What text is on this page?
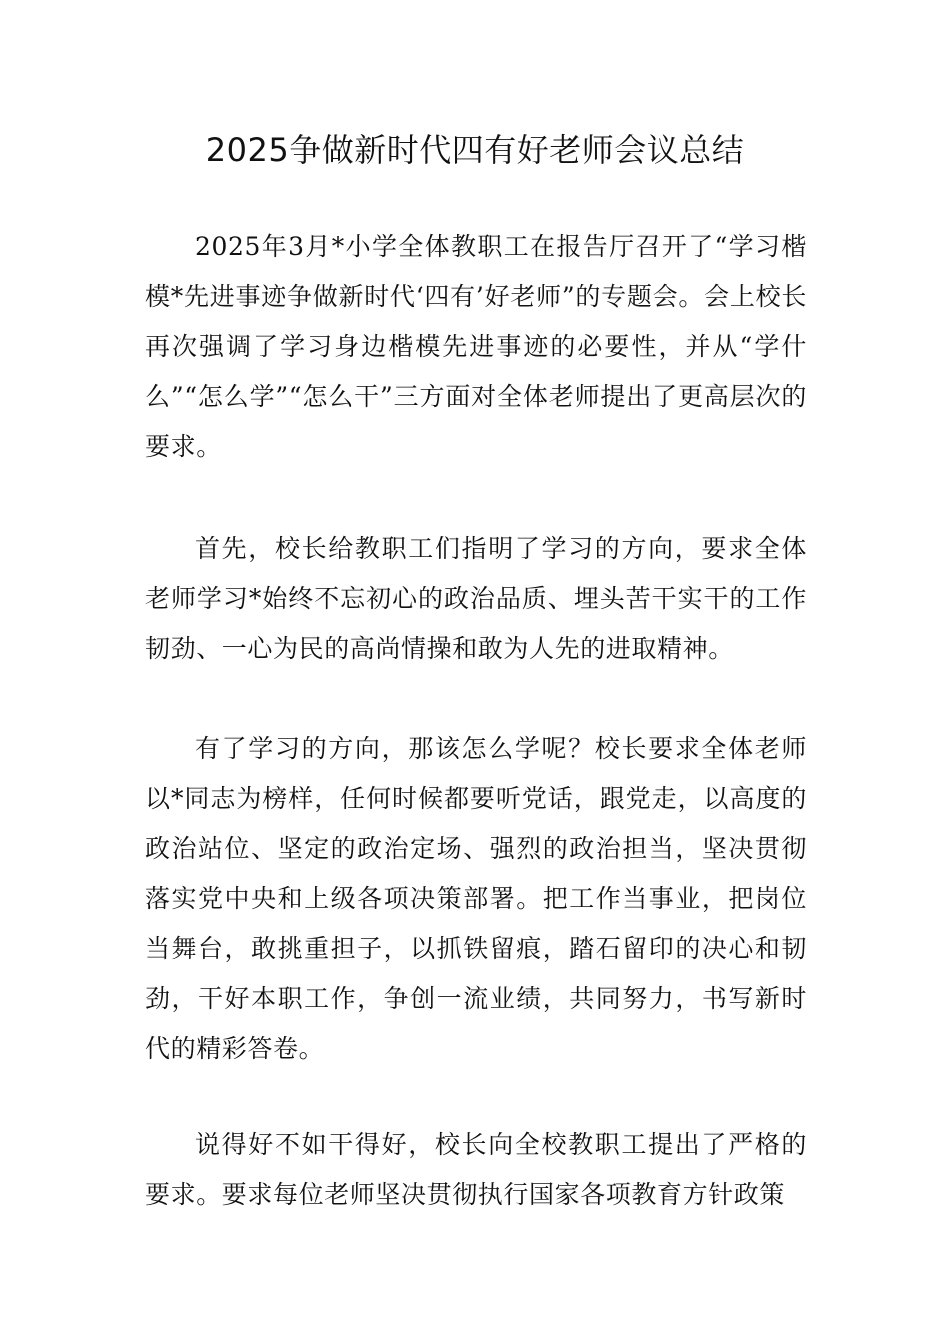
2025争做新时代四有好老师会议总结

2025年3月*小学全体教职工在报告厅召开了“学习楷模*先进事迹争做新时代‘四有’好老师”的专题会。会上校长再次强调了学习身边楷模先进事迹的必要性，并从“学什么”“怎么学”“怎么干”三方面对全体老师提出了更高层次的要求。

首先，校长给教职工们指明了学习的方向，要求全体老师学习*始终不忘初心的政治品质、埋头苦干实干的工作韧劲、一心为民的高尚情操和敢为人先的进取精神。

有了学习的方向，那该怎么学呢？校长要求全体老师以*同志为榜样，任何时候都要听党话，跟党走，以高度的政治站位、坚定的政治定场、强烈的政治担当，坚决贯彻落实党中央和上级各项决策部署。把工作当事业，把岗位当舞台，敢挑重担子，以抓铁留痕，踏石留印的决心和韧劲，干好本职工作，争创一流业绩，共同努力，书写新时代的精彩答卷。

说得好不如干得好，校长向全校教职工提出了严格的要求。要求每位老师坚决贯彻执行国家各项教育方针政策
